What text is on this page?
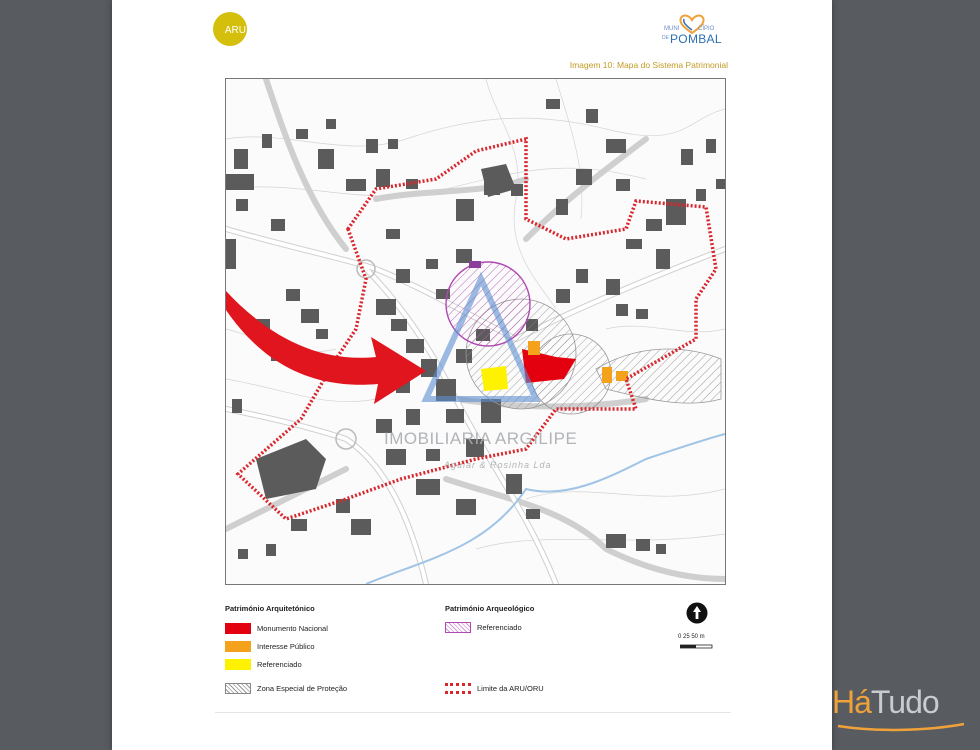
ARU	MUNI	CÍPIO
DE POMBAL
Imagem 10: Mapa do Sistema Patrimonial
IMOBILIARIA ARGILIPE
Aguiar & Rosinha Lda
Património Arquitetónico
Monumento Nacional
Interesse Público
Referenciado
Zona Especial de Proteção
Património Arqueológico
Referenciado
Limite da ARU/ORU
0 25 50 m
HáTudo
